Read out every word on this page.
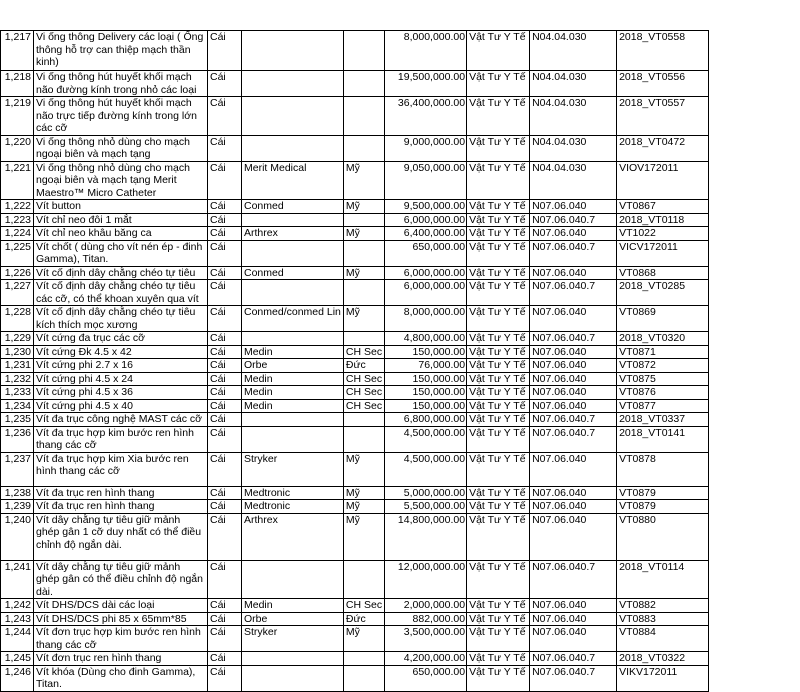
1,217	Vi ống thông Delivery các loại ( Ống thông hỗ trợ can thiệp mạch thần kinh)	Cái			8,000,000.00	Vật Tư Y Tế	N04.04.030	2018_VT0558
1,218	Vi ống thông hút huyết khối mạch não đường kính trong nhỏ các loại	Cái			19,500,000.00	Vật Tư Y Tế	N04.04.030	2018_VT0556
1,219	Vi ống thông hút huyết khối mạch não trực tiếp đường kính trong lớn các cỡ	Cái			36,400,000.00	Vật Tư Y Tế	N04.04.030	2018_VT0557
1,220	Vi ống thông nhỏ dùng cho mạch ngoại biên và mạch tạng	Cái			9,000,000.00	Vật Tư Y Tế	N04.04.030	2018_VT0472
1,221	Vi ống thông nhỏ dùng cho mạch ngoại biên và mạch tạng Merit Maestro™ Micro Catheter	Cái	Merit Medical	Mỹ	9,050,000.00	Vật Tư Y Tế	N04.04.030	VIOV172011
1,222	Vít button	Cái	Conmed	Mỹ	9,500,000.00	Vật Tư Y Tế	N07.06.040	VT0867
1,223	Vít chỉ neo đôi 1 mắt	Cái			6,000,000.00	Vật Tư Y Tế	N07.06.040.7	2018_VT0118
1,224	Vít chỉ neo khâu băng ca	Cái	Arthrex	Mỹ	6,400,000.00	Vật Tư Y Tế	N07.06.040	VT1022
1,225	Vít chốt ( dùng cho vít nén ép - đinh Gamma), Titan.	Cái			650,000.00	Vật Tư Y Tế	N07.06.040.7	VICV172011
1,226	Vít cố định dây chằng chéo tự tiêu	Cái	Conmed	Mỹ	6,000,000.00	Vật Tư Y Tế	N07.06.040	VT0868
1,227	Vít cố định dây chằng chéo tự tiêu các cỡ, có thể khoan xuyên qua vít	Cái			6,000,000.00	Vật Tư Y Tế	N07.06.040.7	2018_VT0285
1,228	Vít cố định dây chằng chéo tự tiêu kích thích mọc xương	Cái	Conmed/conmed Lin	Mỹ	8,000,000.00	Vật Tư Y Tế	N07.06.040	VT0869
1,229	Vít cứng đa trục các cỡ	Cái			4,800,000.00	Vật Tư Y Tế	N07.06.040.7	2018_VT0320
1,230	Vít cứng Đk 4.5 x 42	Cái	Medin	CH Sec	150,000.00	Vật Tư Y Tế	N07.06.040	VT0871
1,231	Vít cứng phi 2.7 x 16	Cái	Orbe	Đức	76,000.00	Vật Tư Y Tế	N07.06.040	VT0872
1,232	Vít cứng phi 4.5 x 24	Cái	Medin	CH Sec	150,000.00	Vật Tư Y Tế	N07.06.040	VT0875
1,233	Vít cứng phi 4.5 x 36	Cái	Medin	CH Sec	150,000.00	Vật Tư Y Tế	N07.06.040	VT0876
1,234	Vít cứng phi 4.5 x 40	Cái	Medin	CH Sec	150,000.00	Vật Tư Y Tế	N07.06.040	VT0877
1,235	Vít đa trục công nghệ MAST các cỡ	Cái			6,800,000.00	Vật Tư Y Tế	N07.06.040.7	2018_VT0337
1,236	Vít đa trục hợp kim bước ren hình thang các cỡ	Cái			4,500,000.00	Vật Tư Y Tế	N07.06.040.7	2018_VT0141
1,237	Vít đa trục hợp kim Xia bước ren hình thang các cỡ	Cái	Stryker	Mỹ	4,500,000.00	Vật Tư Y Tế	N07.06.040	VT0878
1,238	Vít đa trục ren hình thang	Cái	Medtronic	Mỹ	5,000,000.00	Vật Tư Y Tế	N07.06.040	VT0879
1,239	Vít đa trục ren hình thang	Cái	Medtronic	Mỹ	5,500,000.00	Vật Tư Y Tế	N07.06.040	VT0879
1,240	Vít dây chằng tự tiêu giữ mảnh ghép gân 1 cỡ duy nhất có thể điều chỉnh độ ngắn dài.	Cái	Arthrex	Mỹ	14,800,000.00	Vật Tư Y Tế	N07.06.040	VT0880
1,241	Vít dây chằng tự tiêu giữ mảnh ghép gân có thể điều chỉnh độ ngắn dài.	Cái			12,000,000.00	Vật Tư Y Tế	N07.06.040.7	2018_VT0114
1,242	Vít DHS/DCS dài các loại	Cái	Medin	CH Sec	2,000,000.00	Vật Tư Y Tế	N07.06.040	VT0882
1,243	Vít DHS/DCS phi 85 x 65mm*85	Cái	Orbe	Đức	882,000.00	Vật Tư Y Tế	N07.06.040	VT0883
1,244	Vít đơn trục hợp kim bước ren hình thang các cỡ	Cái	Stryker	Mỹ	3,500,000.00	Vật Tư Y Tế	N07.06.040	VT0884
1,245	Vít đơn trục ren hình thang	Cái			4,200,000.00	Vật Tư Y Tế	N07.06.040.7	2018_VT0322
1,246	Vít khóa (Dùng cho đinh Gamma), Titan.	Cái			650,000.00	Vật Tư Y Tế	N07.06.040.7	VIKV172011
